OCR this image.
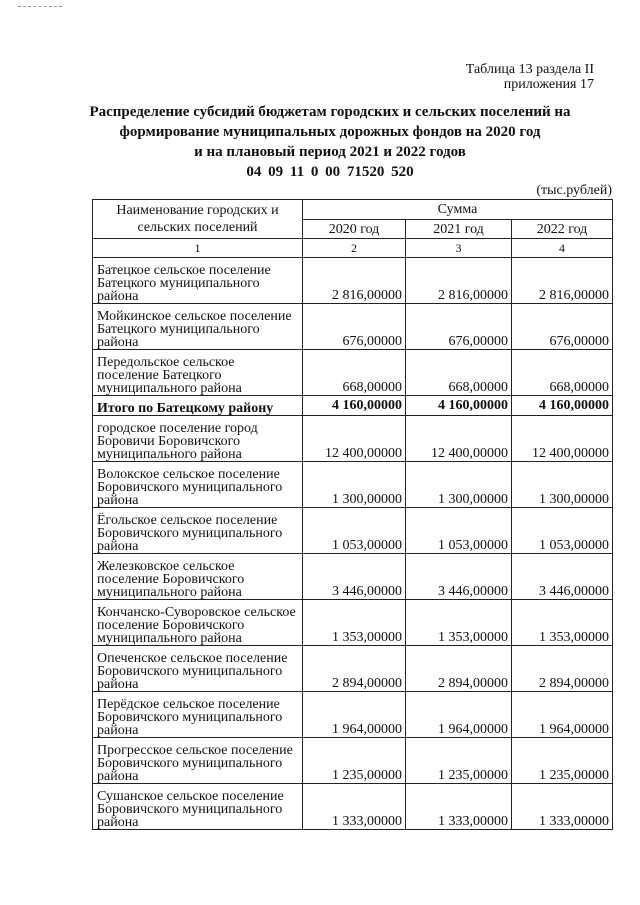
Таблица 13 раздела II
приложения 17
Распределение субсидий бюджетам городских и сельских поселений на
формирование муниципальных дорожных фондов на 2020 год
и на плановый период 2021 и 2022 годов
04 09 11 0 00 71520 520
(тыс.рублей)
Наименование городских и
сельских поселений	Сумма		
	2020 год	2021 год	2022 год
1	2	3	4
Батецкое сельское поселение Батецкого муниципального района	2 816,00000	2 816,00000	2 816,00000
Мойкинское сельское поселение Батецкого муниципального района	676,00000	676,00000	676,00000
Передольское сельское поселение Батецкого муниципального района	668,00000	668,00000	668,00000
Итого по Батецкому району	4 160,00000	4 160,00000	4 160,00000
городское поселение город Боровичи Боровичского муниципального района	12 400,00000	12 400,00000	12 400,00000
Волокское сельское поселение Боровичского муниципального района	1 300,00000	1 300,00000	1 300,00000
Ёгольское сельское поселение Боровичского муниципального района	1 053,00000	1 053,00000	1 053,00000
Железковское сельское поселение Боровичского муниципального района	3 446,00000	3 446,00000	3 446,00000
Кончанско-Суворовское сельское поселение Боровичского муниципального района	1 353,00000	1 353,00000	1 353,00000
Опеченское сельское поселение Боровичского муниципального района	2 894,00000	2 894,00000	2 894,00000
Перёдское сельское поселение Боровичского муниципального района	1 964,00000	1 964,00000	1 964,00000
Прогресское сельское поселение Боровичского муниципального района	1 235,00000	1 235,00000	1 235,00000
Сушанское сельское поселение Боровичского муниципального района	1 333,00000	1 333,00000	1 333,00000
